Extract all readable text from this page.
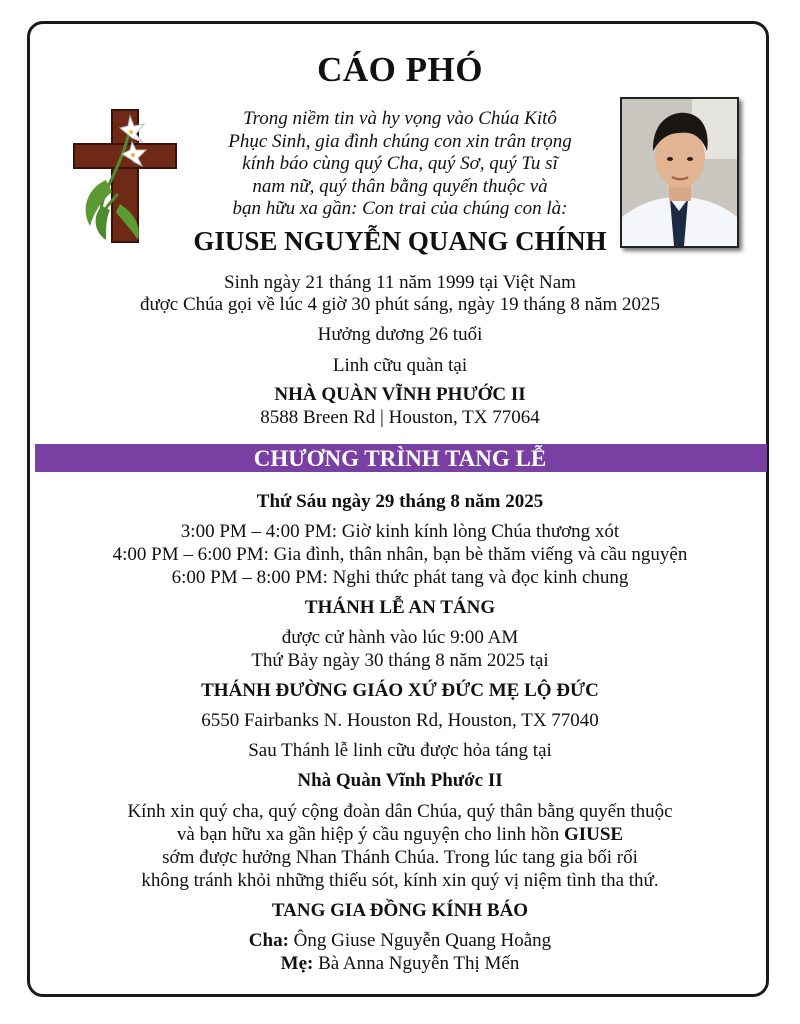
CÁO PHÓ
Trong niềm tin và hy vọng vào Chúa Kitô
Phục Sinh, gia đình chúng con xin trân trọng
kính báo cùng quý Cha, quý Sơ, quý Tu sĩ
nam nữ, quý thân bằng quyến thuộc và
bạn hữu xa gần: Con trai của chúng con là:
GIUSE NGUYỄN QUANG CHÍNH
Sinh ngày 21 tháng 11 năm 1999 tại Việt Nam
được Chúa gọi về lúc 4 giờ 30 phút sáng, ngày 19 tháng 8 năm 2025
Hưởng dương 26 tuổi
Linh cữu quàn tại
NHÀ QUÀN VĨNH PHƯỚC II
8588 Breen Rd | Houston, TX 77064
CHƯƠNG TRÌNH TANG LỄ
Thứ Sáu ngày 29 tháng 8 năm 2025
3:00 PM – 4:00 PM: Giờ kinh kính lòng Chúa thương xót
4:00 PM – 6:00 PM: Gia đình, thân nhân, bạn bè thăm viếng và cầu nguyện
6:00 PM – 8:00 PM: Nghi thức phát tang và đọc kinh chung
THÁNH LỄ AN TÁNG
được cử hành vào lúc 9:00 AM
Thứ Bảy ngày 30 tháng 8 năm 2025 tại
THÁNH ĐƯỜNG GIÁO XỨ ĐỨC MẸ LỘ ĐỨC
6550 Fairbanks N. Houston Rd, Houston, TX 77040
Sau Thánh lễ linh cữu được hỏa táng tại
Nhà Quàn Vĩnh Phước II
Kính xin quý cha, quý cộng đoàn dân Chúa, quý thân bằng quyến thuộc
và bạn hữu xa gần hiệp ý cầu nguyện cho linh hồn GIUSE
sớm được hưởng Nhan Thánh Chúa. Trong lúc tang gia bối rối
không tránh khỏi những thiếu sót, kính xin quý vị niệm tình tha thứ.
TANG GIA ĐỒNG KÍNH BÁO
Cha: Ông Giuse Nguyễn Quang Hoằng
Mẹ: Bà Anna Nguyễn Thị Mến
